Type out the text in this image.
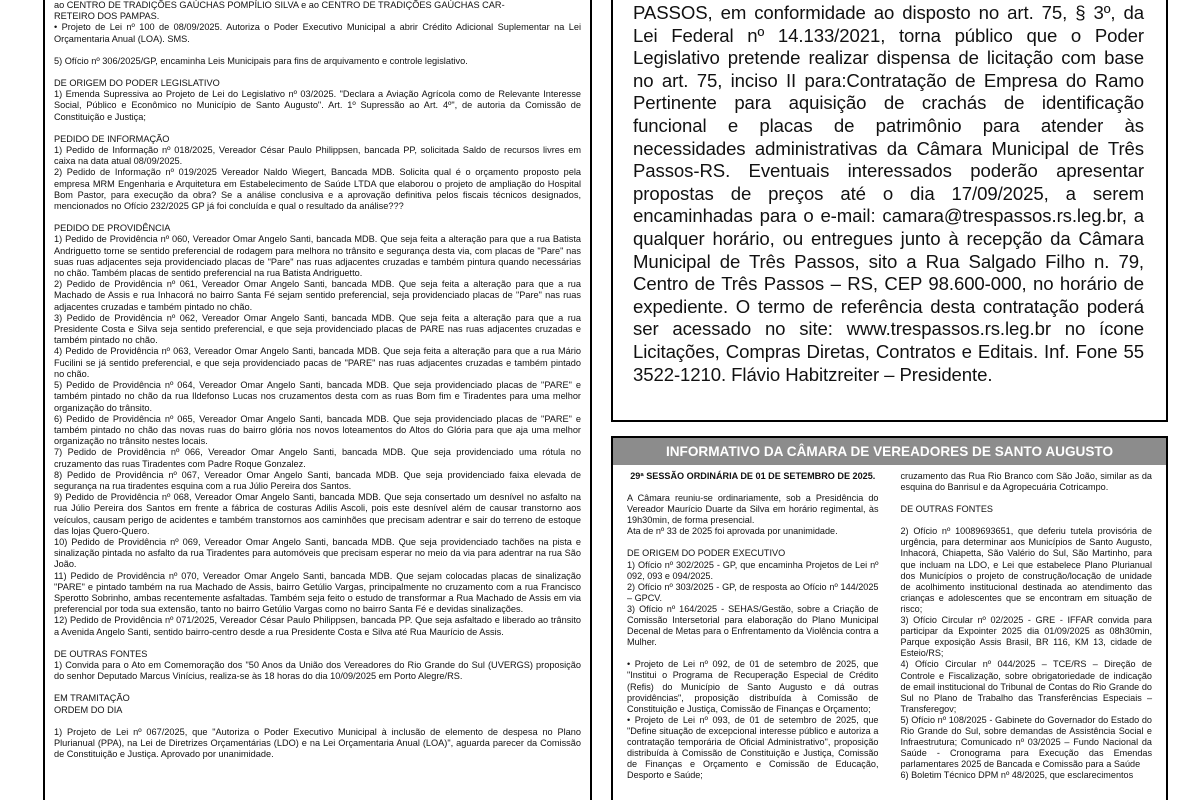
ao CENTRO DE TRADIÇÕES GAÚCHAS POMPÍLIO SILVA e ao CENTRO DE TRADIÇÕES GAÚCHAS CAR-

RETEIRO DOS PAMPAS.

• Projeto de Lei nº 100 de 08/09/2025. Autoriza o Poder Executivo Municipal a abrir Crédito Adicional Suplementar na Lei Orçamentaria Anual (LOA). SMS.

5) Ofício nº 306/2025/GP, encaminha Leis Municipais para fins de arquivamento e controle legislativo.

DE ORIGEM DO PODER LEGISLATIVO

1) Emenda Supressiva ao Projeto de Lei do Legislativo nº 03/2025. "Declara a Aviação Agrícola como de Relevante Interesse Social, Público e Econômico no Município de Santo Augusto". Art. 1º Supressão ao Art. 4º", de autoria da Comissão de Constituição e Justiça;

PEDIDO DE INFORMAÇÃO

1) Pedido de Informação nº 018/2025, Vereador César Paulo Philippsen, bancada PP, solicitada Saldo de recursos livres em caixa na data atual 08/09/2025.

2) Pedido de Informação nº 019/2025 Vereador Naldo Wiegert, Bancada MDB. Solicita qual é o orçamento proposto pela empresa MRM Engenharia e Arquitetura em Estabelecimento de Saúde LTDA que elaborou o projeto de ampliação do Hospital Bom Pastor, para execução da obra? Se a análise conclusiva e a aprovação definitiva pelos fiscais técnicos designados, mencionados no Ofício 232/2025 GP já foi concluída e qual o resultado da análise???

PEDIDO DE PROVIDÊNCIA

1) Pedido de Providência nº 060, Vereador Omar Angelo Santi, bancada MDB. Que seja feita a alteração para que a rua Batista Andriguetto torne se sentido preferencial de rodagem para melhora no trânsito e segurança desta via, com placas de "Pare" nas suas ruas adjacentes seja providenciado placas de "Pare" nas ruas adjacentes cruzadas e também pintura quando necessárias no chão. Também placas de sentido preferencial na rua Batista Andriguetto.

2) Pedido de Providência nº 061, Vereador Omar Angelo Santi, bancada MDB. Que seja feita a alteração para que a rua Machado de Assis e rua Inhacorá no bairro Santa Fé sejam sentido preferencial, seja providenciado placas de "Pare" nas ruas adjacentes cruzadas e também pintado no chão.

3) Pedido de Providência nº 062, Vereador Omar Angelo Santi, bancada MDB. Que seja feita a alteração para que a rua Presidente Costa e Silva seja sentido preferencial, e que seja providenciado placas de PARE nas ruas adjacentes cruzadas e também pintado no chão.

4) Pedido de Providência nº 063, Vereador Omar Angelo Santi, bancada MDB. Que seja feita a alteração para que a rua Mário Fucilini se já sentido preferencial, e que seja providenciado pacas de "PARE" nas ruas adjacentes cruzadas e também pintado no chão.

5) Pedido de Providência nº 064, Vereador Omar Angelo Santi, bancada MDB. Que seja providenciado placas de "PARE" e também pintado no chão da rua Ildefonso Lucas nos cruzamentos desta com as ruas Bom fim e Tiradentes para uma melhor organização do trânsito.

6) Pedido de Providência nº 065, Vereador Omar Angelo Santi, bancada MDB. Que seja providenciado placas de "PARE" e também pintado no chão das novas ruas do bairro glória nos novos loteamentos do Altos do Glória para que aja uma melhor organização no trânsito nestes locais.

7) Pedido de Providência nº 066, Vereador Omar Angelo Santi, bancada MDB. Que seja providenciado uma rótula no cruzamento das ruas Tiradentes com Padre Roque Gonzalez.

8) Pedido de Providência nº 067, Vereador Omar Angelo Santi, bancada MDB. Que seja providenciado faixa elevada de segurança na rua tiradentes esquina com a rua Júlio Pereira dos Santos.

9) Pedido de Providência nº 068, Vereador Omar Angelo Santi, bancada MDB. Que seja consertado um desnível no asfalto na rua Júlio Pereira dos Santos em frente a fábrica de costuras Adilis Ascoli, pois este desnível além de causar transtorno aos veículos, causam perigo de acidentes e também transtornos aos caminhões que precisam adentrar e sair do terreno de estoque das lojas Quero-Quero.

10) Pedido de Providência nº 069, Vereador Omar Angelo Santi, bancada MDB. Que seja providenciado tachões na pista e sinalização pintada no asfalto da rua Tiradentes para automóveis que precisam esperar no meio da via para adentrar na rua São João.

11) Pedido de Providência nº 070, Vereador Omar Angelo Santi, bancada MDB. Que sejam colocadas placas de sinalização "PARE" e pintado também na rua Machado de Assis, bairro Getúlio Vargas, principalmente no cruzamento com a rua Francisco Sperotto Sobrinho, ambas recentemente asfaltadas. Também seja feito o estudo de transformar a Rua Machado de Assis em via preferencial por toda sua extensão, tanto no bairro Getúlio Vargas como no bairro Santa Fé e devidas sinalizações.

12) Pedido de Providência nº 071/2025, Vereador César Paulo Philippsen, bancada PP. Que seja asfaltado e liberado ao trânsito a Avenida Angelo Santi, sentido bairro-centro desde a rua Presidente Costa e Silva até Rua Maurício de Assis.

DE OUTRAS FONTES

1) Convida para o Ato em Comemoração dos "50 Anos da União dos Vereadores do Rio Grande do Sul (UVERGS) proposição do senhor Deputado Marcus Vinícius, realiza-se às 18 horas do dia 10/09/2025 em Porto Alegre/RS.

EM TRAMITAÇÃO

ORDEM DO DIA

1) Projeto de Lei nº 067/2025, que "Autoriza o Poder Executivo Municipal à inclusão de elemento de despesa no Plano Plurianual (PPA), na Lei de Diretrizes Orçamentárias (LDO) e na Lei Orçamentaria Anual (LOA)", aguarda parecer da Comissão de Constituição e Justiça. Aprovado por unanimidade.

PASSOS, em conformidade ao disposto no art. 75, § 3º, da Lei Federal nº 14.133/2021, torna público que o Poder Legislativo pretende realizar dispensa de licitação com base no art. 75, inciso II para:Contratação de Empresa do Ramo Pertinente para aquisição de crachás de identificação funcional e placas de patrimônio para atender às necessidades administrativas da Câmara Municipal de Três Passos-RS. Eventuais interessados poderão apresentar propostas de preços até o dia 17/09/2025, a serem encaminhadas para o e-mail: camara@trespassos.rs.leg.br, a qualquer horário, ou entregues junto à recepção da Câmara Municipal de Três Passos, sito a Rua Salgado Filho n. 79, Centro de Três Passos – RS, CEP 98.600-000, no horário de expediente. O termo de referência desta contratação poderá ser acessado no site: www.trespassos.rs.leg.br no ícone Licitações, Compras Diretas, Contratos e Editais. Inf. Fone 55 3522-1210. Flávio Habitzreiter – Presidente.

INFORMATIVO DA CÂMARA DE VEREADORES DE SANTO AUGUSTO

29ª SESSÃO ORDINÁRIA DE 01 DE SETEMBRO DE 2025.

A Câmara reuniu-se ordinariamente, sob a Presidência do Vereador Maurício Duarte da Silva em horário regimental, às 19h30min, de forma presencial.

Ata de nº 33 de 2025 foi aprovada por unanimidade.

DE ORIGEM DO PODER EXECUTIVO

1) Ofício nº 302/2025 - GP, que encaminha Projetos de Lei nº 092, 093 e 094/2025.

2) Ofício nº 303/2025 - GP, de resposta ao Ofício nº 144/2025 – GPCV.

3) Ofício nº 164/2025 - SEHAS/Gestão, sobre a Criação de Comissão Intersetorial para elaboração do Plano Municipal Decenal de Metas para o Enfrentamento da Violência contra a Mulher.

• Projeto de Lei nº 092, de 01 de setembro de 2025, que "Institui o Programa de Recuperação Especial de Crédito (Refis) do Município de Santo Augusto e dá outras providências", proposição distribuída à Comissão de Constituição e Justiça, Comissão de Finanças e Orçamento;

• Projeto de Lei nº 093, de 01 de setembro de 2025, que "Define situação de excepcional interesse público e autoriza a contratação temporária de Oficial Administrativo", proposição distribuída à Comissão de Constituição e Justiça, Comissão de Finanças e Orçamento e Comissão de Educação, Desporto e Saúde;

cruzamento das Rua Rio Branco com São João, similar as da esquina do Banrisul e da Agropecuária Cotricampo.

DE OUTRAS FONTES

2) Ofício nº 10089693651, que deferiu tutela provisória de urgência, para determinar aos Municípios de Santo Augusto, Inhacorá, Chiapetta, São Valério do Sul, São Martinho, para que incluam na LDO, e Lei que estabelece Plano Plurianual dos Municípios o projeto de construção/locação de unidade de acolhimento institucional destinada ao atendimento das crianças e adolescentes que se encontram em situação de risco;

3) Ofício Circular nº 02/2025 - GRE - IFFAR convida para participar da Expointer 2025 dia 01/09/2025 as 08h30min, Parque exposição Assis Brasil, BR 116, KM 13, cidade de Esteio/RS;

4) Ofício Circular nº 044/2025 – TCE/RS – Direção de Controle e Fiscalização, sobre obrigatoriedade de indicação de email institucional do Tribunal de Contas do Rio Grande do Sul no Plano de Trabalho das Transferências Especiais – Transferegov;

5) Ofício nº 108/2025 - Gabinete do Governador do Estado do Rio Grande do Sul, sobre demandas de Assistência Social e Infraestrutura; Comunicado nº 03/2025 – Fundo Nacional da Saúde - Cronograma para Execução das Emendas parlamentares 2025 de Bancada e Comissão para a Saúde

6) Boletim Técnico DPM nº 48/2025, que esclarecimentos
